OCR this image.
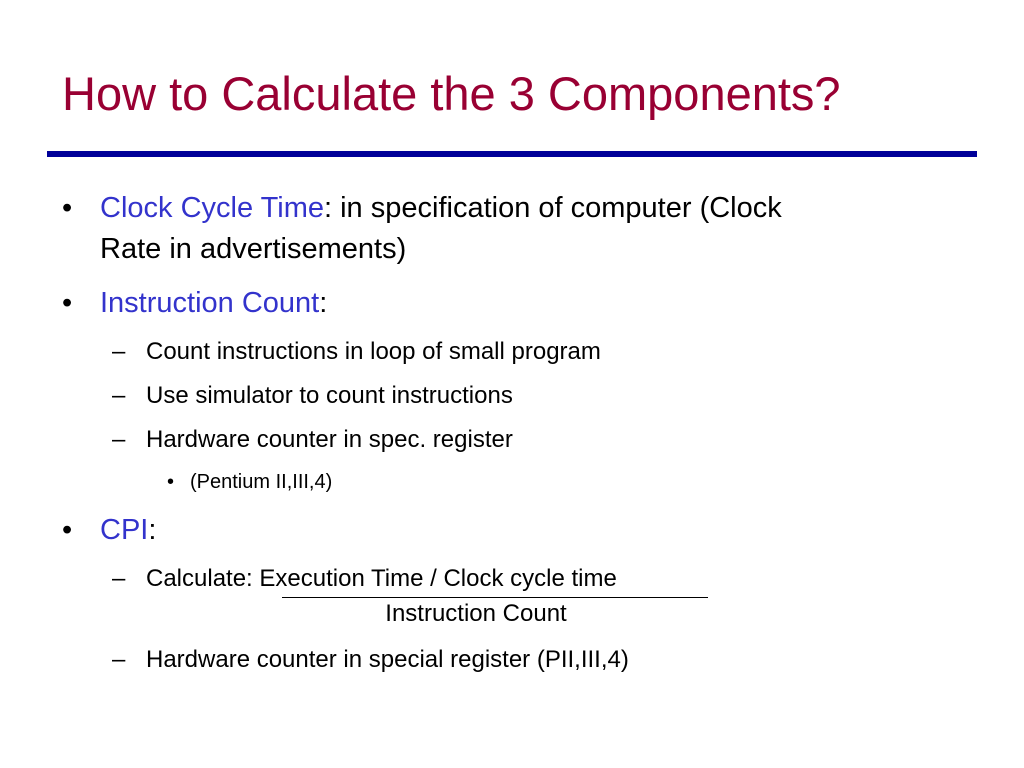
How to Calculate the 3 Components?
• Clock Cycle Time: in specification of computer (Clock
Rate in advertisements)
• Instruction Count:
– Count instructions in loop of small program
– Use simulator to count instructions
– Hardware counter in spec. register
• (Pentium II,III,4)
• CPI:
– Calculate: Execution Time / Clock cycle time
Instruction Count
– Hardware counter in special register (PII,III,4)
